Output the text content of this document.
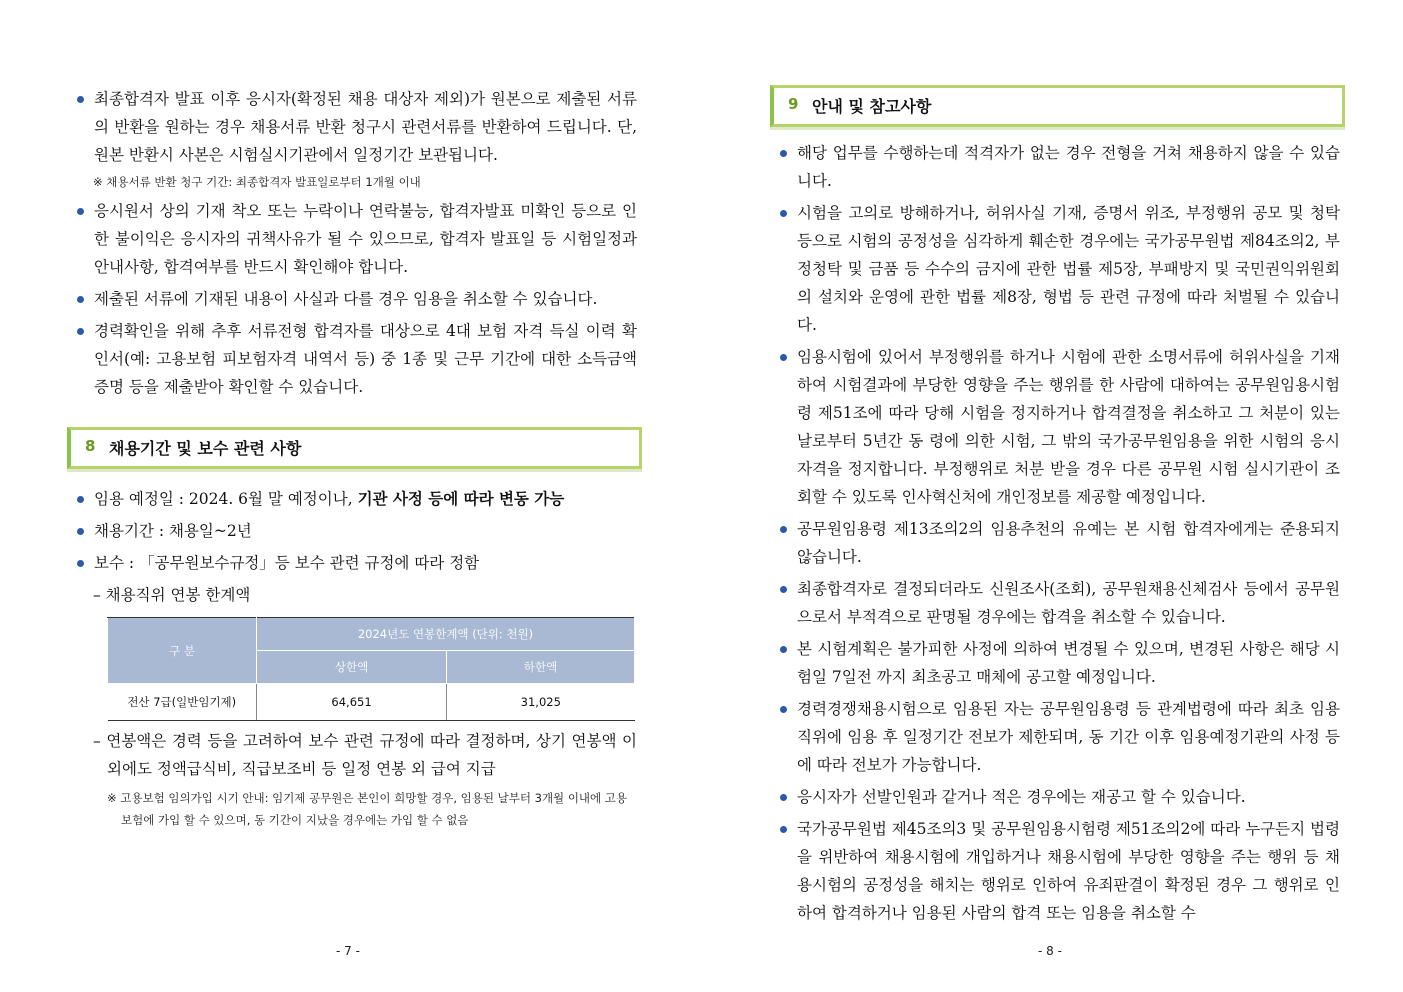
최종합격자 발표 이후 응시자(확정된 채용 대상자 제외)가 원본으로 제출된 서류의 반환을 원하는 경우 채용서류 반환 청구시 관련서류를 반환하여 드립니다. 단, 원본 반환시 사본은 시험실시기관에서 일정기간 보관됩니다.
※ 채용서류 반환 청구 기간: 최종합격자 발표일로부터 1개월 이내
응시원서 상의 기재 착오 또는 누락이나 연락불능, 합격자발표 미확인 등으로 인한 불이익은 응시자의 귀책사유가 될 수 있으므로, 합격자 발표일 등 시험일정과 안내사항, 합격여부를 반드시 확인해야 합니다.
제출된 서류에 기재된 내용이 사실과 다를 경우 임용을 취소할 수 있습니다.
경력확인을 위해 추후 서류전형 합격자를 대상으로 4대 보험 자격 득실 이력 확인서(예: 고용보험 피보험자격 내역서 등) 중 1종 및 근무 기간에 대한 소득금액증명 등을 제출받아 확인할 수 있습니다.
8 채용기간 및 보수 관련 사항
임용 예정일 : 2024. 6월 말 예정이나, 기관 사정 등에 따라 변동 가능
채용기간 : 채용일~2년
보수 : 「공무원보수규정」등 보수 관련 규정에 따라 정함
– 채용직위 연봉 한계액
구 분	2024년도 연봉한계액 (단위: 천원)	
	상한액	하한액
전산 7급(일반임기제)	64,651	31,025
– 연봉액은 경력 등을 고려하여 보수 관련 규정에 따라 결정하며, 상기 연봉액 이외에도 정액급식비, 직급보조비 등 일정 연봉 외 급여 지급
※ 고용보험 임의가입 시기 안내: 임기제 공무원은 본인이 희망할 경우, 임용된 날부터 3개월 이내에 고용보험에 가입 할 수 있으며, 동 기간이 지났을 경우에는 가입 할 수 없음
- 7 -
9 안내 및 참고사항
해당 업무를 수행하는데 적격자가 없는 경우 전형을 거쳐 채용하지 않을 수 있습니다.
시험을 고의로 방해하거나, 허위사실 기재, 증명서 위조, 부정행위 공모 및 청탁 등으로 시험의 공정성을 심각하게 훼손한 경우에는 국가공무원법 제84조의2, 부정청탁 및 금품 등 수수의 금지에 관한 법률 제5장, 부패방지 및 국민권익위원회의 설치와 운영에 관한 법률 제8장, 형법 등 관련 규정에 따라 처벌될 수 있습니다.
임용시험에 있어서 부정행위를 하거나 시험에 관한 소명서류에 허위사실을 기재하여 시험결과에 부당한 영향을 주는 행위를 한 사람에 대하여는 공무원임용시험령 제51조에 따라 당해 시험을 정지하거나 합격결정을 취소하고 그 처분이 있는 날로부터 5년간 동 령에 의한 시험, 그 밖의 국가공무원임용을 위한 시험의 응시 자격을 정지합니다. 부정행위로 처분 받을 경우 다른 공무원 시험 실시기관이 조회할 수 있도록 인사혁신처에 개인정보를 제공할 예정입니다.
공무원임용령 제13조의2의 임용추천의 유예는 본 시험 합격자에게는 준용되지 않습니다.
최종합격자로 결정되더라도 신원조사(조회), 공무원채용신체검사 등에서 공무원으로서 부적격으로 판명될 경우에는 합격을 취소할 수 있습니다.
본 시험계획은 불가피한 사정에 의하여 변경될 수 있으며, 변경된 사항은 해당 시험일 7일전 까지 최초공고 매체에 공고할 예정입니다.
경력경쟁채용시험으로 임용된 자는 공무원임용령 등 관계법령에 따라 최초 임용직위에 임용 후 일정기간 전보가 제한되며, 동 기간 이후 임용예정기관의 사정 등에 따라 전보가 가능합니다.
응시자가 선발인원과 같거나 적은 경우에는 재공고 할 수 있습니다.
국가공무원법 제45조의3 및 공무원임용시험령 제51조의2에 따라 누구든지 법령을 위반하여 채용시험에 개입하거나 채용시험에 부당한 영향을 주는 행위 등 채용시험의 공정성을 해치는 행위로 인하여 유죄판결이 확정된 경우 그 행위로 인하여 합격하거나 임용된 사람의 합격 또는 임용을 취소할 수
- 8 -
